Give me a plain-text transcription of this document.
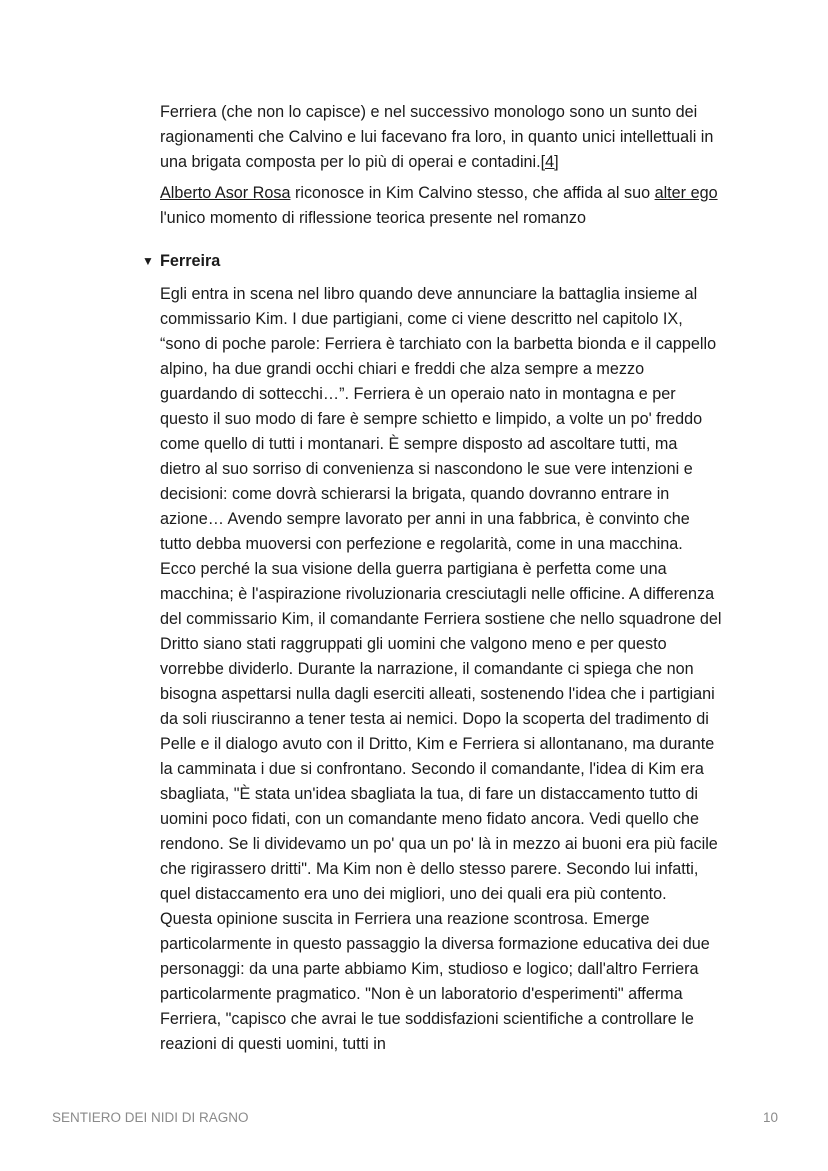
Ferriera (che non lo capisce) e nel successivo monologo sono un sunto dei ragionamenti che Calvino e lui facevano fra loro, in quanto unici intellettuali in una brigata composta per lo più di operai e contadini.[4]

Alberto Asor Rosa riconosce in Kim Calvino stesso, che affida al suo alter ego l'unico momento di riflessione teorica presente nel romanzo

▼ Ferreira

Egli entra in scena nel libro quando deve annunciare la battaglia insieme al commissario Kim. I due partigiani, come ci viene descritto nel capitolo IX, “sono di poche parole: Ferriera è tarchiato con la barbetta bionda e il cappello alpino, ha due grandi occhi chiari e freddi che alza sempre a mezzo guardando di sottecchi…”. Ferriera è un operaio nato in montagna e per questo il suo modo di fare è sempre schietto e limpido, a volte un po' freddo come quello di tutti i montanari. È sempre disposto ad ascoltare tutti, ma dietro al suo sorriso di convenienza si nascondono le sue vere intenzioni e decisioni: come dovrà schierarsi la brigata, quando dovranno entrare in azione… Avendo sempre lavorato per anni in una fabbrica, è convinto che tutto debba muoversi con perfezione e regolarità, come in una macchina. Ecco perché la sua visione della guerra partigiana è perfetta come una macchina; è l'aspirazione rivoluzionaria cresciutagli nelle officine. A differenza del commissario Kim, il comandante Ferriera sostiene che nello squadrone del Dritto siano stati raggruppati gli uomini che valgono meno e per questo vorrebbe dividerlo. Durante la narrazione, il comandante ci spiega che non bisogna aspettarsi nulla dagli eserciti alleati, sostenendo l'idea che i partigiani da soli riusciranno a tener testa ai nemici. Dopo la scoperta del tradimento di Pelle e il dialogo avuto con il Dritto, Kim e Ferriera si allontanano, ma durante la camminata i due si confrontano. Secondo il comandante, l'idea di Kim era sbagliata, "È stata un'idea sbagliata la tua, di fare un distaccamento tutto di uomini poco fidati, con un comandante meno fidato ancora. Vedi quello che rendono. Se li dividevamo un po' qua un po' là in mezzo ai buoni era più facile che rigirassero dritti". Ma Kim non è dello stesso parere. Secondo lui infatti, quel distaccamento era uno dei migliori, uno dei quali era più contento. Questa opinione suscita in Ferriera una reazione scontrosa. Emerge particolarmente in questo passaggio la diversa formazione educativa dei due personaggi: da una parte abbiamo Kim, studioso e logico; dall'altro Ferriera particolarmente pragmatico. "Non è un laboratorio d'esperimenti" afferma Ferriera, "capisco che avrai le tue soddisfazioni scientifiche a controllare le reazioni di questi uomini, tutti in

SENTIERO DEI NIDI DI RAGNO	10
